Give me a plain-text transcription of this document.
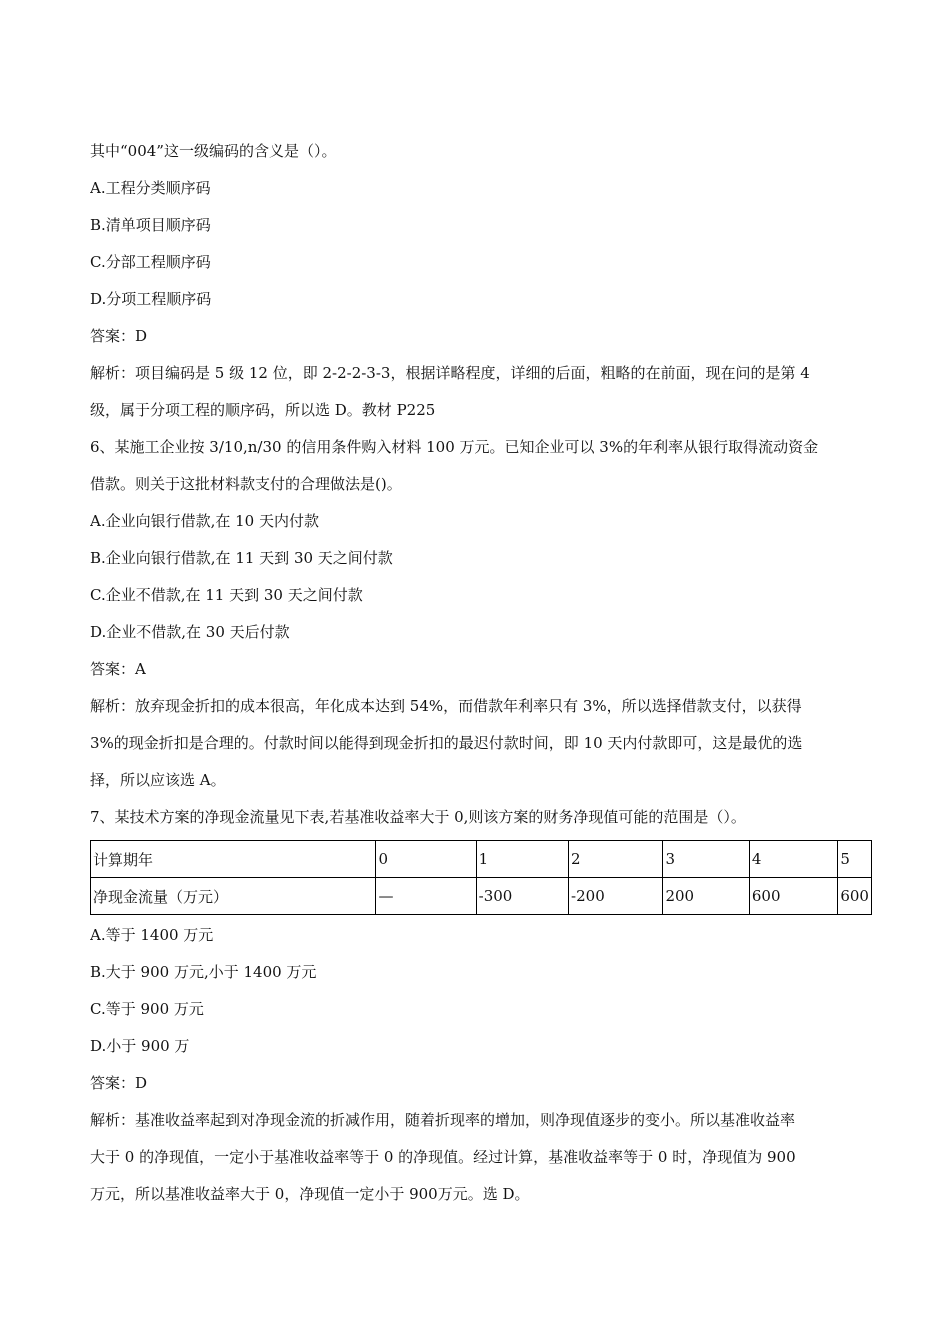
其中“004”这一级编码的含义是（）。
A.工程分类顺序码
B.清单项目顺序码
C.分部工程顺序码
D.分项工程顺序码
答案：D
解析：项目编码是 5 级 12 位，即 2-2-2-3-3，根据详略程度，详细的后面，粗略的在前面，现在问的是第 4
级，属于分项工程的顺序码，所以选 D。教材 P225
6、某施工企业按 3/10,n/30 的信用条件购入材料 100 万元。已知企业可以 3%的年利率从银行取得流动资金
借款。则关于这批材料款支付的合理做法是()。
A.企业向银行借款,在 10 天内付款
B.企业向银行借款,在 11 天到 30 天之间付款
C.企业不借款,在 11 天到 30 天之间付款
D.企业不借款,在 30 天后付款
答案：A
解析：放弃现金折扣的成本很高，年化成本达到 54%，而借款年利率只有 3%，所以选择借款支付，以获得
3%的现金折扣是合理的。付款时间以能得到现金折扣的最迟付款时间，即 10 天内付款即可，这是最优的选
择，所以应该选 A。
7、某技术方案的净现金流量见下表,若基准收益率大于 0,则该方案的财务净现值可能的范围是（）。
计算期年	0	1	2	3	4	5
净现金流量（万元）	—	-300	-200	200	600	600
A.等于 1400 万元
B.大于 900 万元,小于 1400 万元
C.等于 900 万元
D.小于 900 万
答案：D
解析：基准收益率起到对净现金流的折减作用，随着折现率的增加，则净现值逐步的变小。所以基准收益率
大于 0 的净现值，一定小于基准收益率等于 0 的净现值。经过计算，基准收益率等于 0 时，净现值为 900
万元，所以基准收益率大于 0，净现值一定小于 900万元。选 D。
